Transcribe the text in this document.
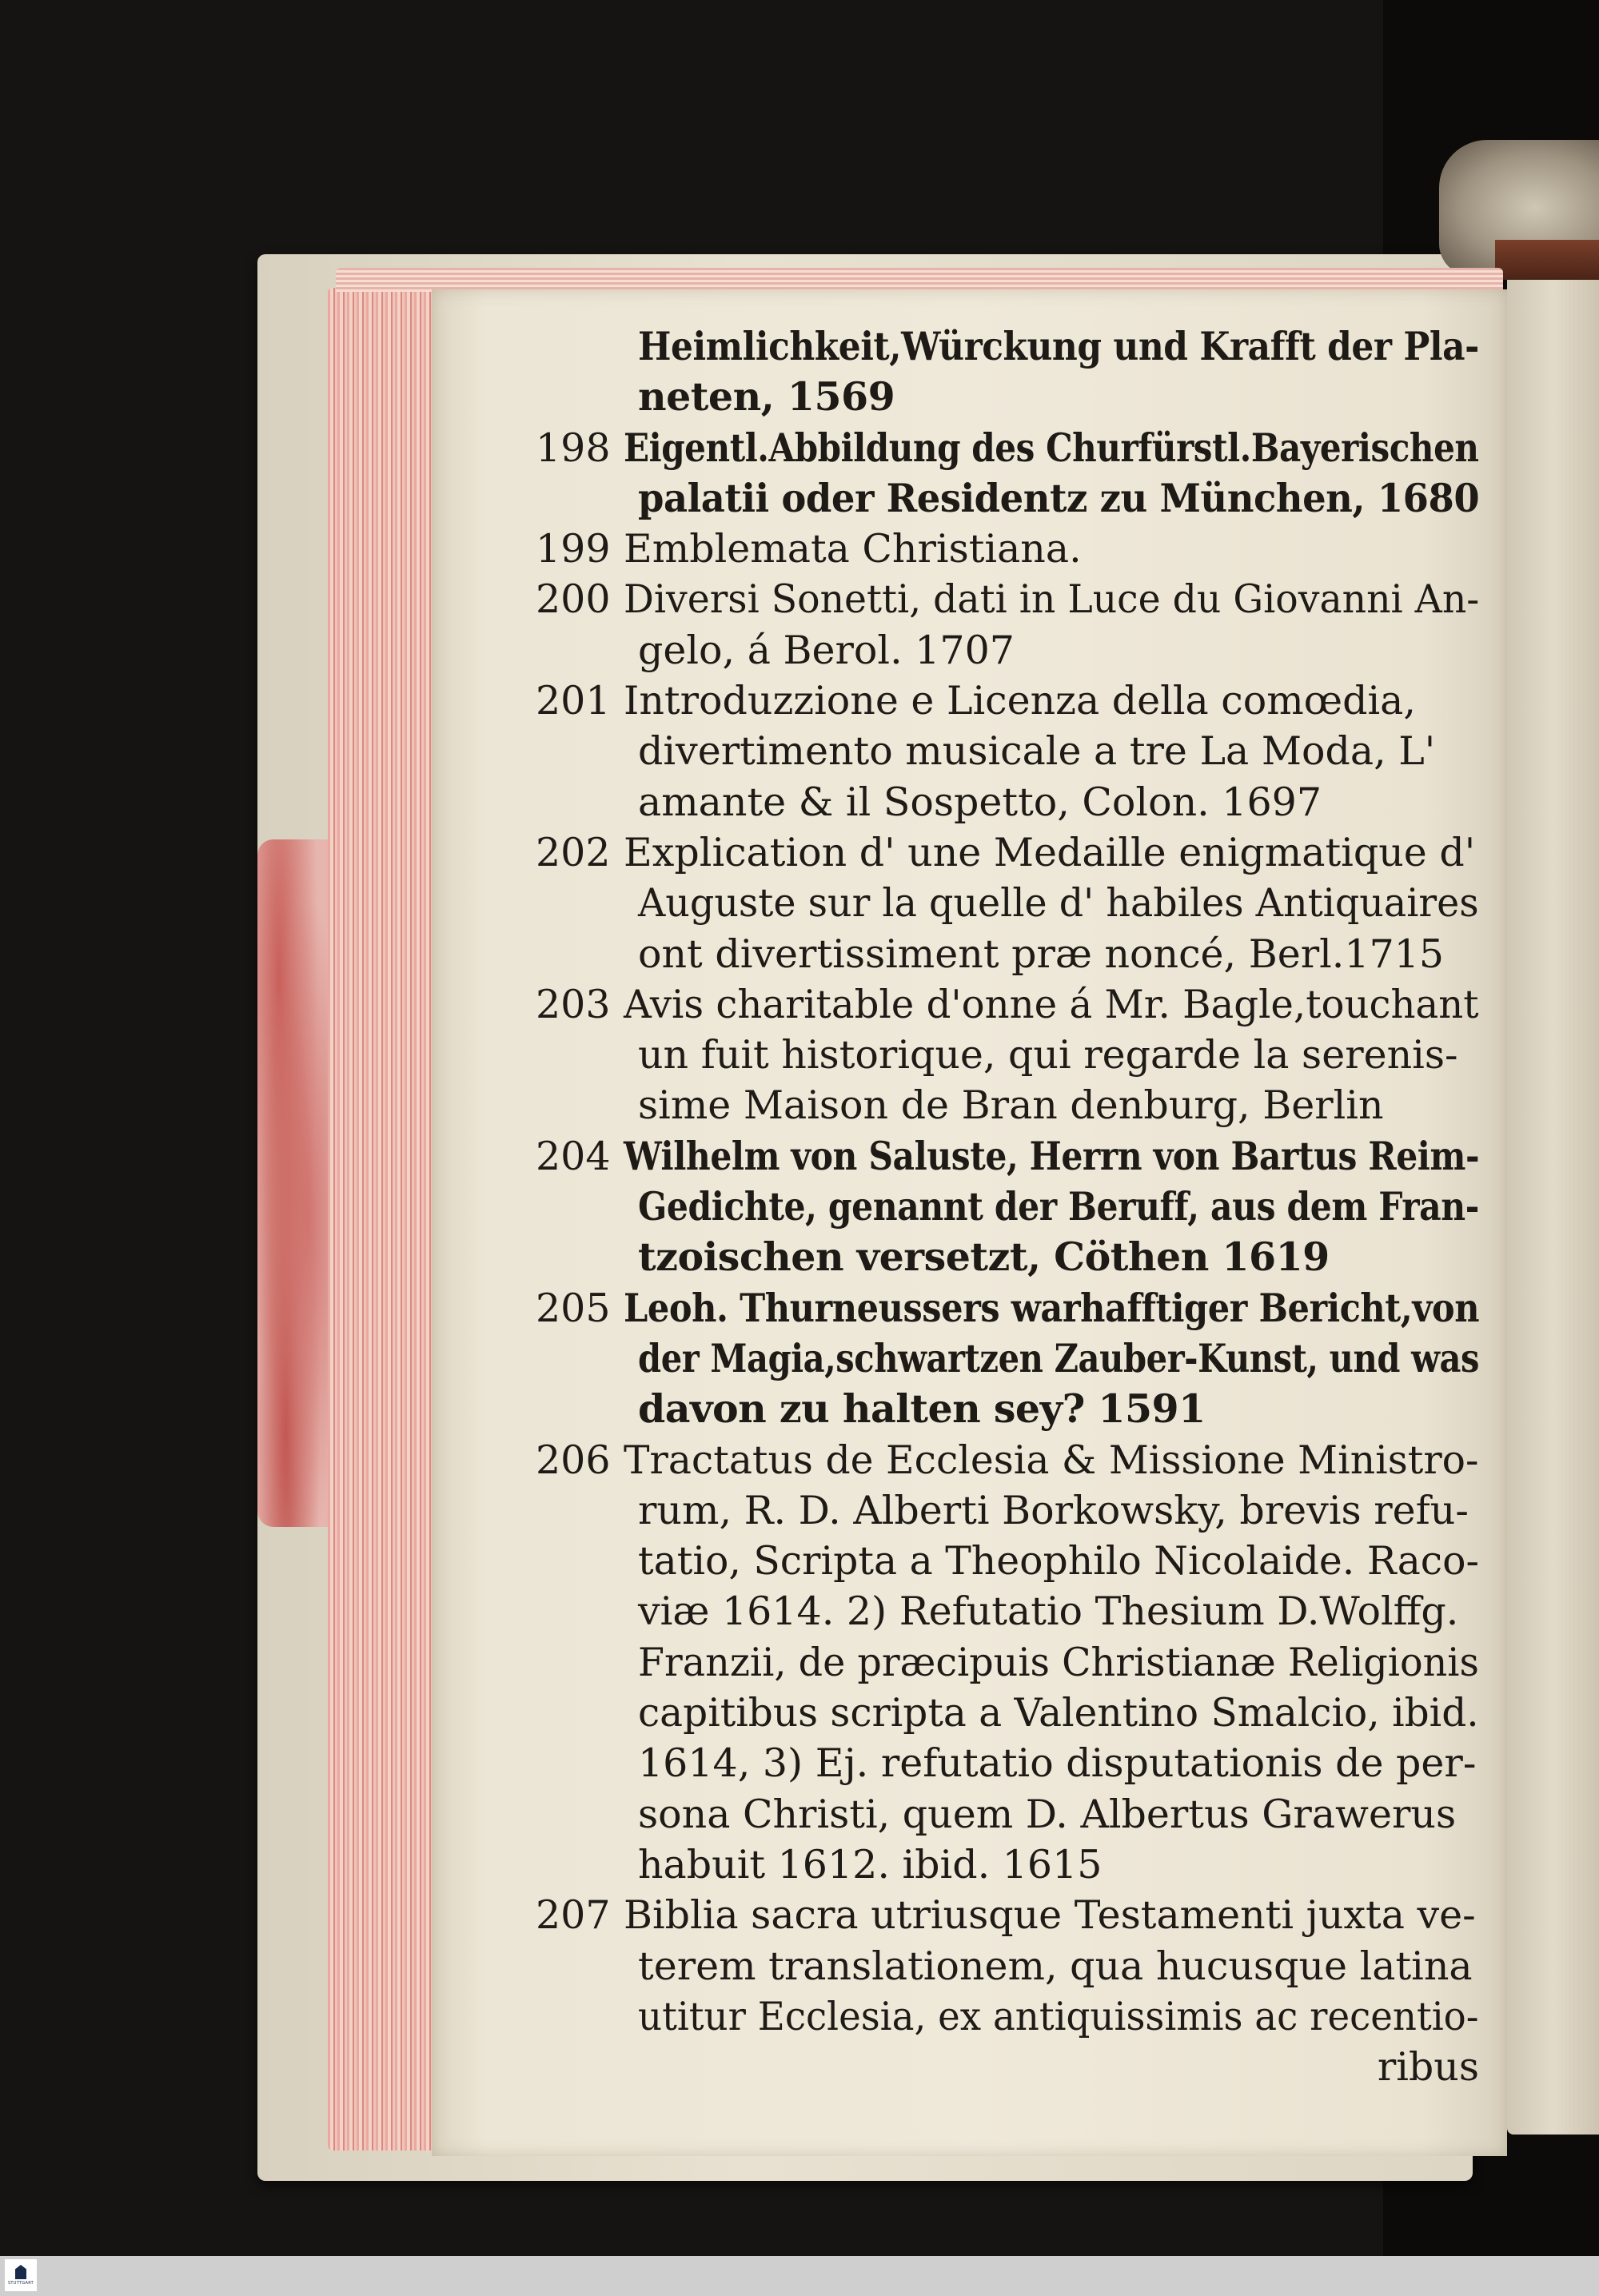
Heimlichkeit,Würckung und Krafft der Pla-
neten, 1569
198 Eigentl.Abbildung des Churfürstl.Bayerischen
palatii oder Residentz zu München, 1680
199 Emblemata Christiana.
200 Diversi Sonetti, dati in Luce du Giovanni An-
gelo, á Berol. 1707
201 Introduzzione e Licenza della comœdia,
divertimento musicale a tre La Moda, L'
amante & il Sospetto, Colon. 1697
202 Explication d' une Medaille enigmatique d'
Auguste sur la quelle d' habiles Antiquaires
ont divertissiment præ noncé, Berl.1715
203 Avis charitable d'onne á Mr. Bagle,touchant
un fuit historique, qui regarde la serenis-
sime Maison de Bran denburg, Berlin
204 Wilhelm von Saluste, Herrn von Bartus Reim-
Gedichte, genannt der Beruff, aus dem Fran-
tzoischen versetzt, Cöthen 1619
205 Leoh. Thurneussers warhafftiger Bericht,von
der Magia,schwartzen Zauber-Kunst, und was
davon zu halten sey? 1591
206 Tractatus de Ecclesia & Missione Ministro-
rum, R. D. Alberti Borkowsky, brevis refu-
tatio, Scripta a Theophilo Nicolaide. Raco-
viæ 1614. 2) Refutatio Thesium D.Wolffg.
Franzii, de præcipuis Christianæ Religionis
capitibus scripta a Valentino Smalcio, ibid.
1614, 3) Ej. refutatio disputationis de per-
sona Christi, quem D. Albertus Grawerus
habuit 1612. ibid. 1615
207 Biblia sacra utriusque Testamenti juxta ve-
terem translationem, qua hucusque latina
utitur Ecclesia, ex antiquissimis ac recentio-
ribus
STUTTGART
